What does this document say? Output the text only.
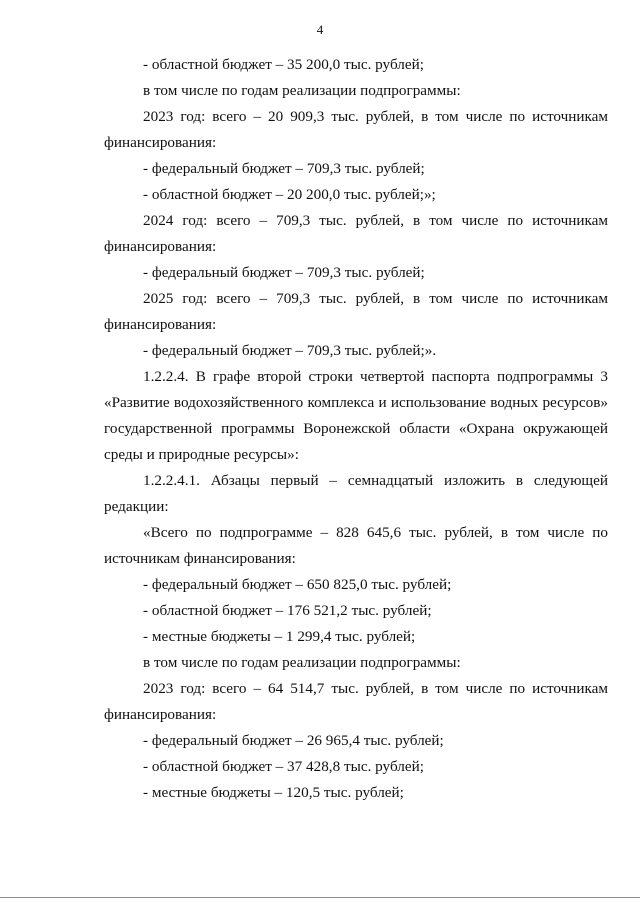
4

- областной бюджет – 35 200,0 тыс. рублей;

в том числе по годам реализации подпрограммы:

2023 год: всего – 20 909,3 тыс. рублей, в том числе по источникам

финансирования:

- федеральный бюджет – 709,3 тыс. рублей;

- областной бюджет – 20 200,0 тыс. рублей;»;

2024 год: всего – 709,3 тыс. рублей, в том числе по источникам

финансирования:

- федеральный бюджет – 709,3 тыс. рублей;

2025 год: всего – 709,3 тыс. рублей, в том числе по источникам

финансирования:

- федеральный бюджет – 709,3 тыс. рублей;».

1.2.2.4. В графе второй строки четвертой паспорта подпрограммы 3

«Развитие водохозяйственного комплекса и использование водных ресурсов»

государственной программы Воронежской области «Охрана окружающей

среды и природные ресурсы»:

1.2.2.4.1. Абзацы первый – семнадцатый изложить в следующей

редакции:

«Всего по подпрограмме – 828 645,6 тыс. рублей, в том числе по

источникам финансирования:

- федеральный бюджет – 650 825,0 тыс. рублей;

- областной бюджет – 176 521,2 тыс. рублей;

- местные бюджеты – 1 299,4 тыс. рублей;

в том числе по годам реализации подпрограммы:

2023 год: всего – 64 514,7 тыс. рублей, в том числе по источникам

финансирования:

- федеральный бюджет – 26 965,4 тыс. рублей;

- областной бюджет – 37 428,8 тыс. рублей;

- местные бюджеты – 120,5 тыс. рублей;
